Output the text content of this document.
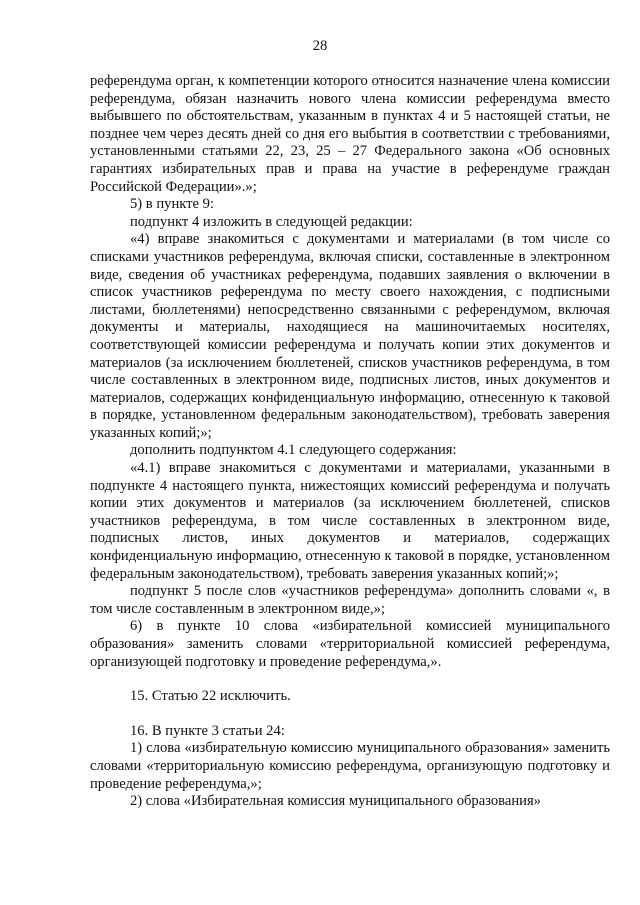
28

референдума орган, к компетенции которого относится назначение члена комиссии референдума, обязан назначить нового члена комиссии референдума вместо выбывшего по обстоятельствам, указанным в пунктах 4 и 5 настоящей статьи, не позднее чем через десять дней со дня его выбытия в соответствии с требованиями, установленными статьями 22, 23, 25 – 27 Федерального закона «Об основных гарантиях избирательных прав и права на участие в референдуме граждан Российской Федерации».»;

5) в пункте 9:

подпункт 4 изложить в следующей редакции:

«4) вправе знакомиться с документами и материалами (в том числе со списками участников референдума, включая списки, составленные в электронном виде, сведения об участниках референдума, подавших заявления о включении в список участников референдума по месту своего нахождения, с подписными листами, бюллетенями) непосредственно связанными с референдумом, включая документы и материалы, находящиеся на машиночитаемых носителях, соответствующей комиссии референдума и получать копии этих документов и материалов (за исключением бюллетеней, списков участников референдума, в том числе составленных в электронном виде, подписных листов, иных документов и материалов, содержащих конфиденциальную информацию, отнесенную к таковой в порядке, установленном федеральным законодательством), требовать заверения указанных копий;»;

дополнить подпунктом 4.1 следующего содержания:

«4.1) вправе знакомиться с документами и материалами, указанными в подпункте 4 настоящего пункта, нижестоящих комиссий референдума и получать копии этих документов и материалов (за исключением бюллетеней, списков участников референдума, в том числе составленных в электронном виде, подписных листов, иных документов и материалов, содержащих конфиденциальную информацию, отнесенную к таковой в порядке, установленном федеральным законодательством), требовать заверения указанных копий;»;

подпункт 5 после слов «участников референдума» дополнить словами «, в том числе составленным в электронном виде,»;

6) в пункте 10 слова «избирательной комиссией муниципального образования» заменить словами «территориальной комиссией референдума, организующей подготовку и проведение референдума,».

15. Статью 22 исключить.

16. В пункте 3 статьи 24:

1) слова «избирательную комиссию муниципального образования» заменить словами «территориальную комиссию референдума, организующую подготовку и проведение референдума,»;

2) слова «Избирательная комиссия муниципального образования»
